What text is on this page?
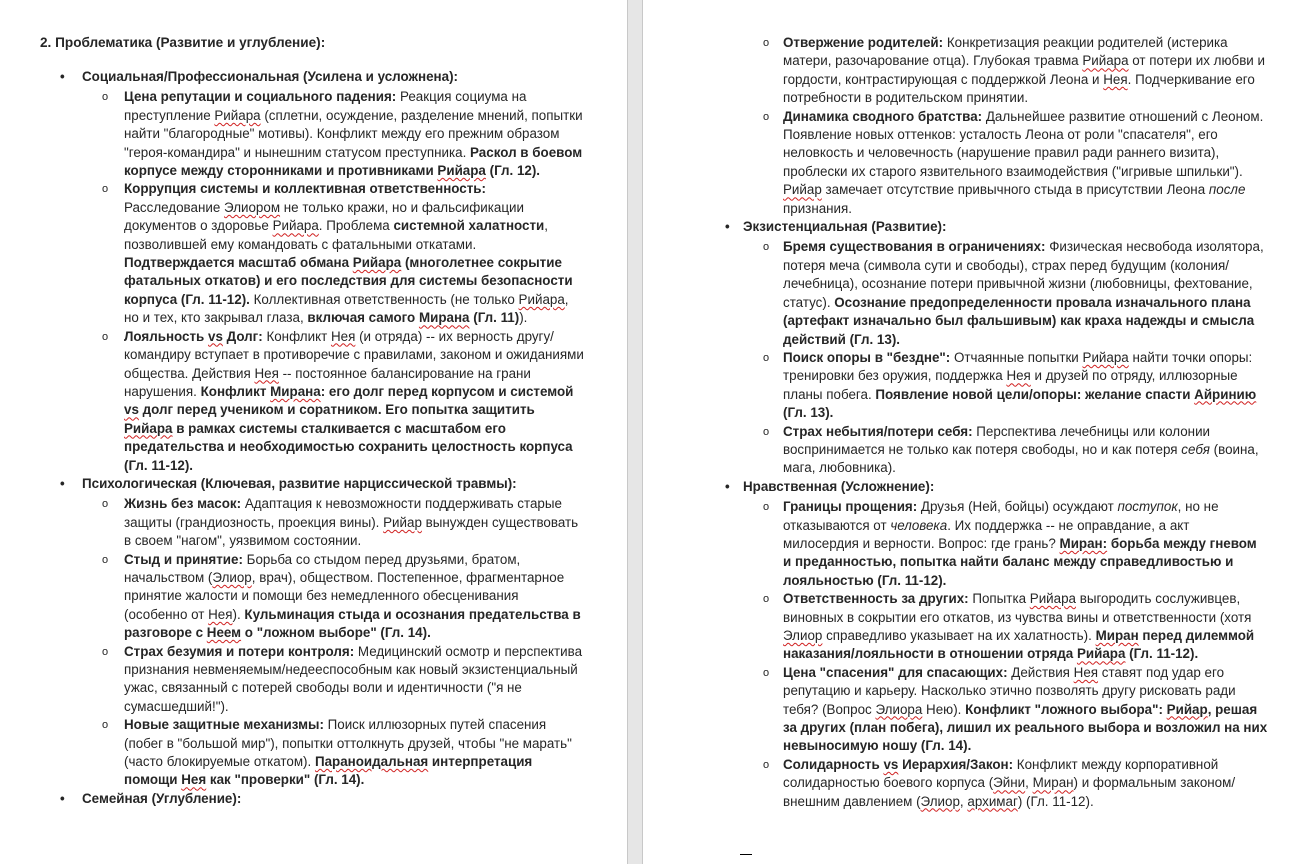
2. Проблематика (Развитие и углубление):
• Социальная/Профессиональная (Усилена и усложнена):
o Цена репутации и социального падения: Реакция социума на преступление Рийара (сплетни, осуждение, разделение мнений, попытки найти "благородные" мотивы). Конфликт между его прежним образом "героя-командира" и нынешним статусом преступника. Раскол в боевом корпусе между сторонниками и противниками Рийара (Гл. 12).
o Коррупция системы и коллективная ответственность: Расследование Элиором не только кражи, но и фальсификации документов о здоровье Рийара. Проблема системной халатности, позволившей ему командовать с фатальными откатами. Подтверждается масштаб обмана Рийара (многолетнее сокрытие фатальных откатов) и его последствия для системы безопасности корпуса (Гл. 11-12). Коллективная ответственность (не только Рийара, но и тех, кто закрывал глаза, включая самого Мирана (Гл. 11)).
o Лояльность vs Долг: Конфликт Нея (и отряда) -- их верность другу/командиру вступает в противоречие с правилами, законом и ожиданиями общества. Действия Нея -- постоянное балансирование на грани нарушения. Конфликт Мирана: его долг перед корпусом и системой vs долг перед учеником и соратником. Его попытка защитить Рийара в рамках системы сталкивается с масштабом его предательства и необходимостью сохранить целостность корпуса (Гл. 11-12).
• Психологическая (Ключевая, развитие нарциссической травмы):
o Жизнь без масок: Адаптация к невозможности поддерживать старые защиты (грандиозность, проекция вины). Рийар вынужден существовать в своем "нагом", уязвимом состоянии.
o Стыд и принятие: Борьба со стыдом перед друзьями, братом, начальством (Элиор, врач), обществом. Постепенное, фрагментарное принятие жалости и помощи без немедленного обесценивания (особенно от Нея). Кульминация стыда и осознания предательства в разговоре с Неем о "ложном выборе" (Гл. 14).
o Страх безумия и потери контроля: Медицинский осмотр и перспектива признания невменяемым/недееспособным как новый экзистенциальный ужас, связанный с потерей свободы воли и идентичности ("я не сумасшедший!").
o Новые защитные механизмы: Поиск иллюзорных путей спасения (побег в "большой мир"), попытки оттолкнуть друзей, чтобы "не марать" (часто блокируемые откатом). Параноидальная интерпретация помощи Нея как "проверки" (Гл. 14).
• Семейная (Углубление):
o Отвержение родителей: Конкретизация реакции родителей (истерика матери, разочарование отца). Глубокая травма Рийара от потери их любви и гордости, контрастирующая с поддержкой Леона и Нея. Подчеркивание его потребности в родительском принятии.
o Динамика сводного братства: Дальнейшее развитие отношений с Леоном. Появление новых оттенков: усталость Леона от роли "спасателя", его неловкость и человечность (нарушение правил ради раннего визита), проблески их старого язвительного взаимодействия ("игривые шпильки"). Рийар замечает отсутствие привычного стыда в присутствии Леона после признания.
• Экзистенциальная (Развитие):
o Бремя существования в ограничениях: Физическая несвобода изолятора, потеря меча (символа сути и свободы), страх перед будущим (колония/лечебница), осознание потери привычной жизни (любовницы, фехтование, статус). Осознание предопределенности провала изначального плана (артефакт изначально был фальшивым) как краха надежды и смысла действий (Гл. 13).
o Поиск опоры в "бездне": Отчаянные попытки Рийара найти точки опоры: тренировки без оружия, поддержка Нея и друзей по отряду, иллюзорные планы побега. Появление новой цели/опоры: желание спасти Айринию (Гл. 13).
o Страх небытия/потери себя: Перспектива лечебницы или колонии воспринимается не только как потеря свободы, но и как потеря себя (воина, мага, любовника).
• Нравственная (Усложнение):
o Границы прощения: Друзья (Ней, бойцы) осуждают поступок, но не отказываются от человека. Их поддержка -- не оправдание, а акт милосердия и верности. Вопрос: где грань? Миран: борьба между гневом и преданностью, попытка найти баланс между справедливостью и лояльностью (Гл. 11-12).
o Ответственность за других: Попытка Рийара выгородить сослуживцев, виновных в сокрытии его откатов, из чувства вины и ответственности (хотя Элиор справедливо указывает на их халатность). Миран перед дилеммой наказания/лояльности в отношении отряда Рийара (Гл. 11-12).
o Цена "спасения" для спасающих: Действия Нея ставят под удар его репутацию и карьеру. Насколько этично позволять другу рисковать ради тебя? (Вопрос Элиора Нею). Конфликт "ложного выбора": Рийар, решая за других (план побега), лишил их реального выбора и возложил на них невыносимую ношу (Гл. 14).
o Солидарность vs Иерархия/Закон: Конфликт между корпоративной солидарностью боевого корпуса (Эйни, Миран) и формальным законом/внешним давлением (Элиор, архимаг) (Гл. 11-12).
